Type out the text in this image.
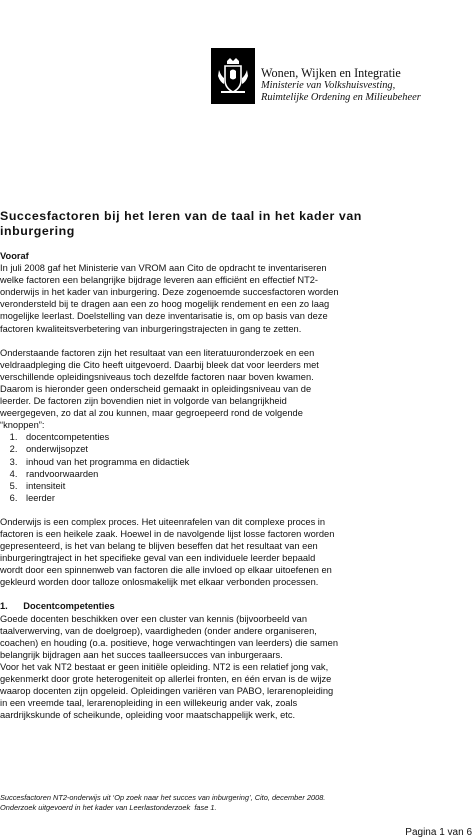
Wonen, Wijken en Integratie
Ministerie van Volkshuisvesting,
Ruimtelijke Ordening en Milieubeheer
Succesfactoren bij het leren van de taal in het kader van
inburgering
Vooraf

In juli 2008 gaf het Ministerie van VROM aan Cito de opdracht te inventariseren
welke factoren een belangrijke bijdrage leveren aan efficiënt en effectief NT2-
onderwijs in het kader van inburgering. Deze zogenoemde succesfactoren worden
verondersteld bij te dragen aan een zo hoog mogelijk rendement en een zo laag
mogelijke leerlast. Doelstelling van deze inventarisatie is, om op basis van deze
factoren kwaliteitsverbetering van inburgeringstrajecten in gang te zetten.

Onderstaande factoren zijn het resultaat van een literatuuronderzoek en een
veldraadpleging die Cito heeft uitgevoerd. Daarbij bleek dat voor leerders met
verschillende opleidingsniveaus toch dezelfde factoren naar boven kwamen.
Daarom is hieronder geen onderscheid gemaakt in opleidingsniveau van de
leerder. De factoren zijn bovendien niet in volgorde van belangrijkheid
weergegeven, zo dat al zou kunnen, maar gegroepeerd rond de volgende
“knoppen”:

1. docentcompetenties
2. onderwijsopzet
3. inhoud van het programma en didactiek
4. randvoorwaarden
5. intensiteit
6. leerder

Onderwijs is een complex proces. Het uiteenrafelen van dit complexe proces in
factoren is een heikele zaak. Hoewel in de navolgende lijst losse factoren worden
gepresenteerd, is het van belang te blijven beseffen dat het resultaat van een
inburgeringtraject in het specifieke geval van een individuele leerder bepaald
wordt door een spinnenweb van factoren die alle invloed op elkaar uitoefenen en
gekleurd worden door talloze onlosmakelijk met elkaar verbonden processen.

1. Docentcompetenties

Goede docenten beschikken over een cluster van kennis (bijvoorbeeld van
taalverwerving, van de doelgroep), vaardigheden (onder andere organiseren,
coachen) en houding (o.a. positieve, hoge verwachtingen van leerders) die samen
belangrijk bijdragen aan het succes taalleersucces van inburgeraars.
Voor het vak NT2 bestaat er geen initiële opleiding. NT2 is een relatief jong vak,
gekenmerkt door grote heterogeniteit op allerlei fronten, en één ervan is de wijze
waarop docenten zijn opgeleid. Opleidingen variëren van PABO, lerarenopleiding
in een vreemde taal, lerarenopleiding in een willekeurig ander vak, zoals
aardrijkskunde of scheikunde, opleiding voor maatschappelijk werk, etc.

Succesfactoren NT2-onderwijs uit ‘Op zoek naar het succes van inburgering’, Cito, december 2008.
Onderzoek uitgevoerd in het kader van Leerlastonderzoek  fase 1.
Pagina 1 van 6
